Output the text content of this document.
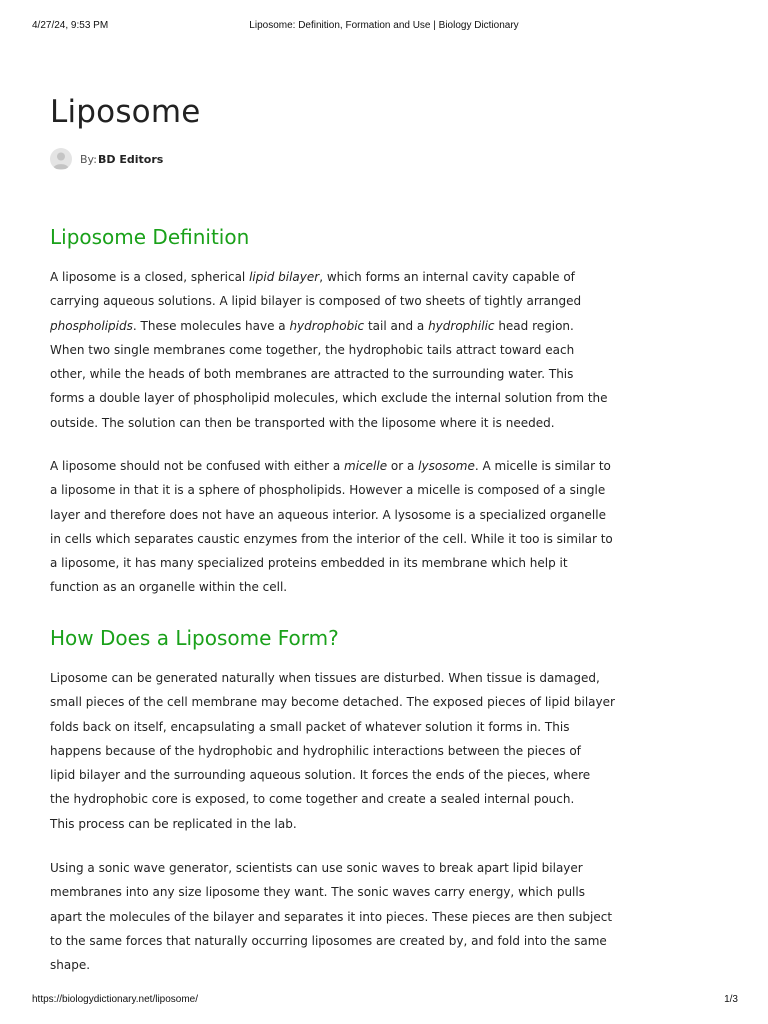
4/27/24, 9:53 PM	Liposome: Definition, Formation and Use | Biology Dictionary
Liposome
By: BD Editors
Liposome Definition

A liposome is a closed, spherical lipid bilayer, which forms an internal cavity capable of
carrying aqueous solutions. A lipid bilayer is composed of two sheets of tightly arranged
phospholipids. These molecules have a hydrophobic tail and a hydrophilic head region.
When two single membranes come together, the hydrophobic tails attract toward each
other, while the heads of both membranes are attracted to the surrounding water. This
forms a double layer of phospholipid molecules, which exclude the internal solution from the
outside. The solution can then be transported with the liposome where it is needed.

A liposome should not be confused with either a micelle or a lysosome. A micelle is similar to
a liposome in that it is a sphere of phospholipids. However a micelle is composed of a single
layer and therefore does not have an aqueous interior. A lysosome is a specialized organelle
in cells which separates caustic enzymes from the interior of the cell. While it too is similar to
a liposome, it has many specialized proteins embedded in its membrane which help it
function as an organelle within the cell.

How Does a Liposome Form?

Liposome can be generated naturally when tissues are disturbed. When tissue is damaged,
small pieces of the cell membrane may become detached. The exposed pieces of lipid bilayer
folds back on itself, encapsulating a small packet of whatever solution it forms in. This
happens because of the hydrophobic and hydrophilic interactions between the pieces of
lipid bilayer and the surrounding aqueous solution. It forces the ends of the pieces, where
the hydrophobic core is exposed, to come together and create a sealed internal pouch.
This process can be replicated in the lab.

Using a sonic wave generator, scientists can use sonic waves to break apart lipid bilayer
membranes into any size liposome they want. The sonic waves carry energy, which pulls
apart the molecules of the bilayer and separates it into pieces. These pieces are then subject
to the same forces that naturally occurring liposomes are created by, and fold into the same
shape.

https://biologydictionary.net/liposome/	1/3
